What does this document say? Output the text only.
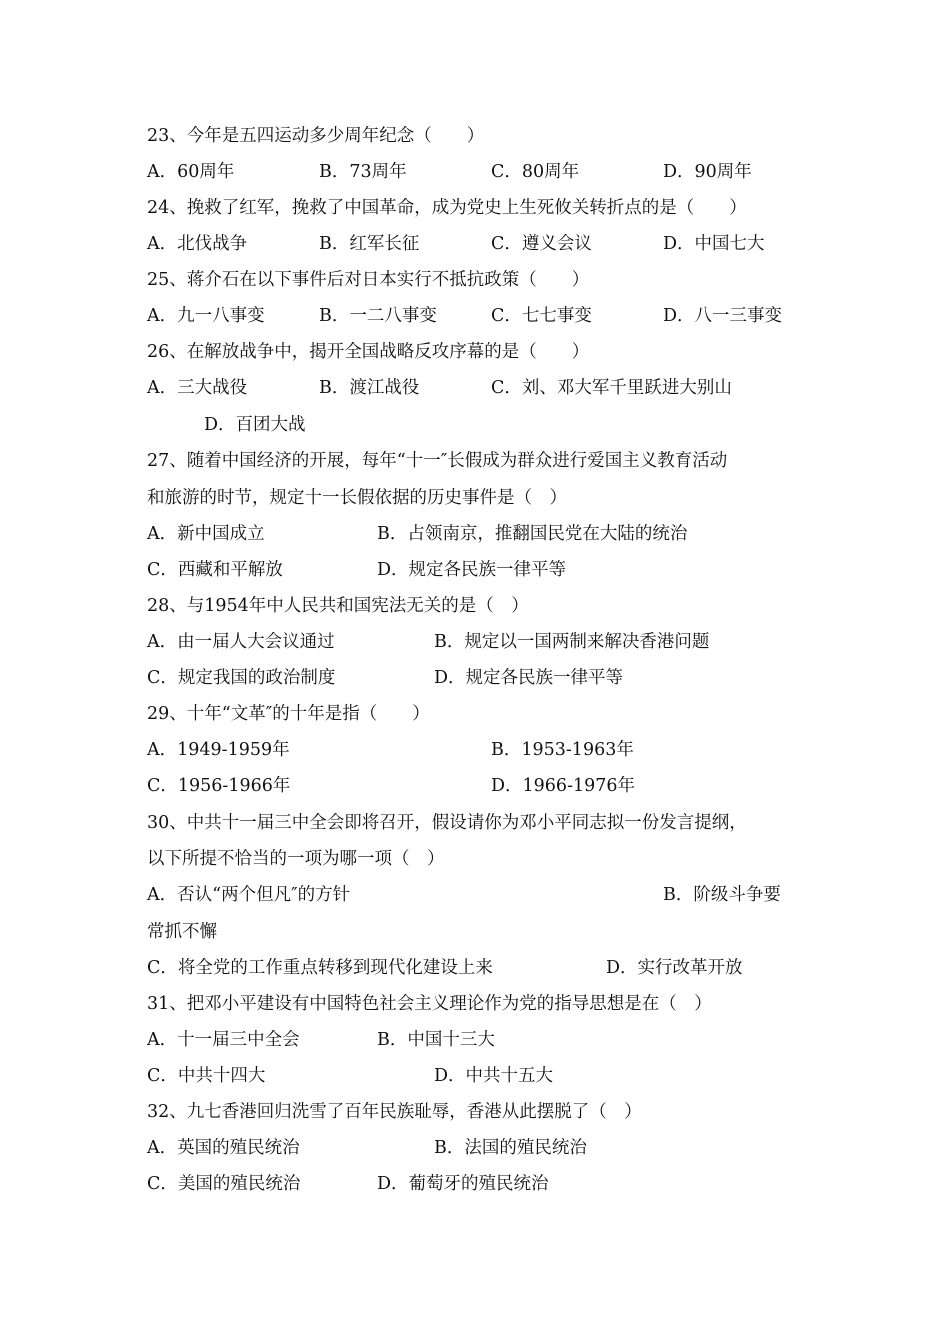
23、今年是五四运动多少周年纪念（　　）
A．60周年	B．73周年	C．80周年	D．90周年
24、挽救了红军，挽救了中国革命，成为党史上生死攸关转折点的是（　　）
A．北伐战争	B．红军长征	C．遵义会议	D．中国七大
25、蒋介石在以下事件后对日本实行不抵抗政策（　　）
A．九一八事变	B．一二八事变	C．七七事变	D．八一三事变
26、在解放战争中，揭开全国战略反攻序幕的是（　　）
A．三大战役	B．渡江战役	C．刘、邓大军千里跃进大别山
D．百团大战
27、随着中国经济的开展，每年“十一″长假成为群众进行爱国主义教育活动
和旅游的时节，规定十一长假依据的历史事件是（　）
A．新中国成立	B．占领南京，推翻国民党在大陆的统治
C．西藏和平解放	D．规定各民族一律平等
28、与1954年中人民共和国宪法无关的是（　）
A．由一届人大会议通过	B．规定以一国两制来解决香港问题
C．规定我国的政治制度	D．规定各民族一律平等
29、十年“文革″的十年是指（　　）
A．1949-1959年	B．1953-1963年
C．1956-1966年	D．1966-1976年
30、中共十一届三中全会即将召开，假设请你为邓小平同志拟一份发言提纲，
以下所提不恰当的一项为哪一项（　）
A．否认“两个但凡″的方针	B．阶级斗争要
常抓不懈
C．将全党的工作重点转移到现代化建设上来	D．实行改革开放
31、把邓小平建设有中国特色社会主义理论作为党的指导思想是在（　）
A．十一届三中全会	B．中国十三大
C．中共十四大	D．中共十五大
32、九七香港回归洗雪了百年民族耻辱，香港从此摆脱了（　）
A．英国的殖民统治	B．法国的殖民统治
C．美国的殖民统治	D．葡萄牙的殖民统治
